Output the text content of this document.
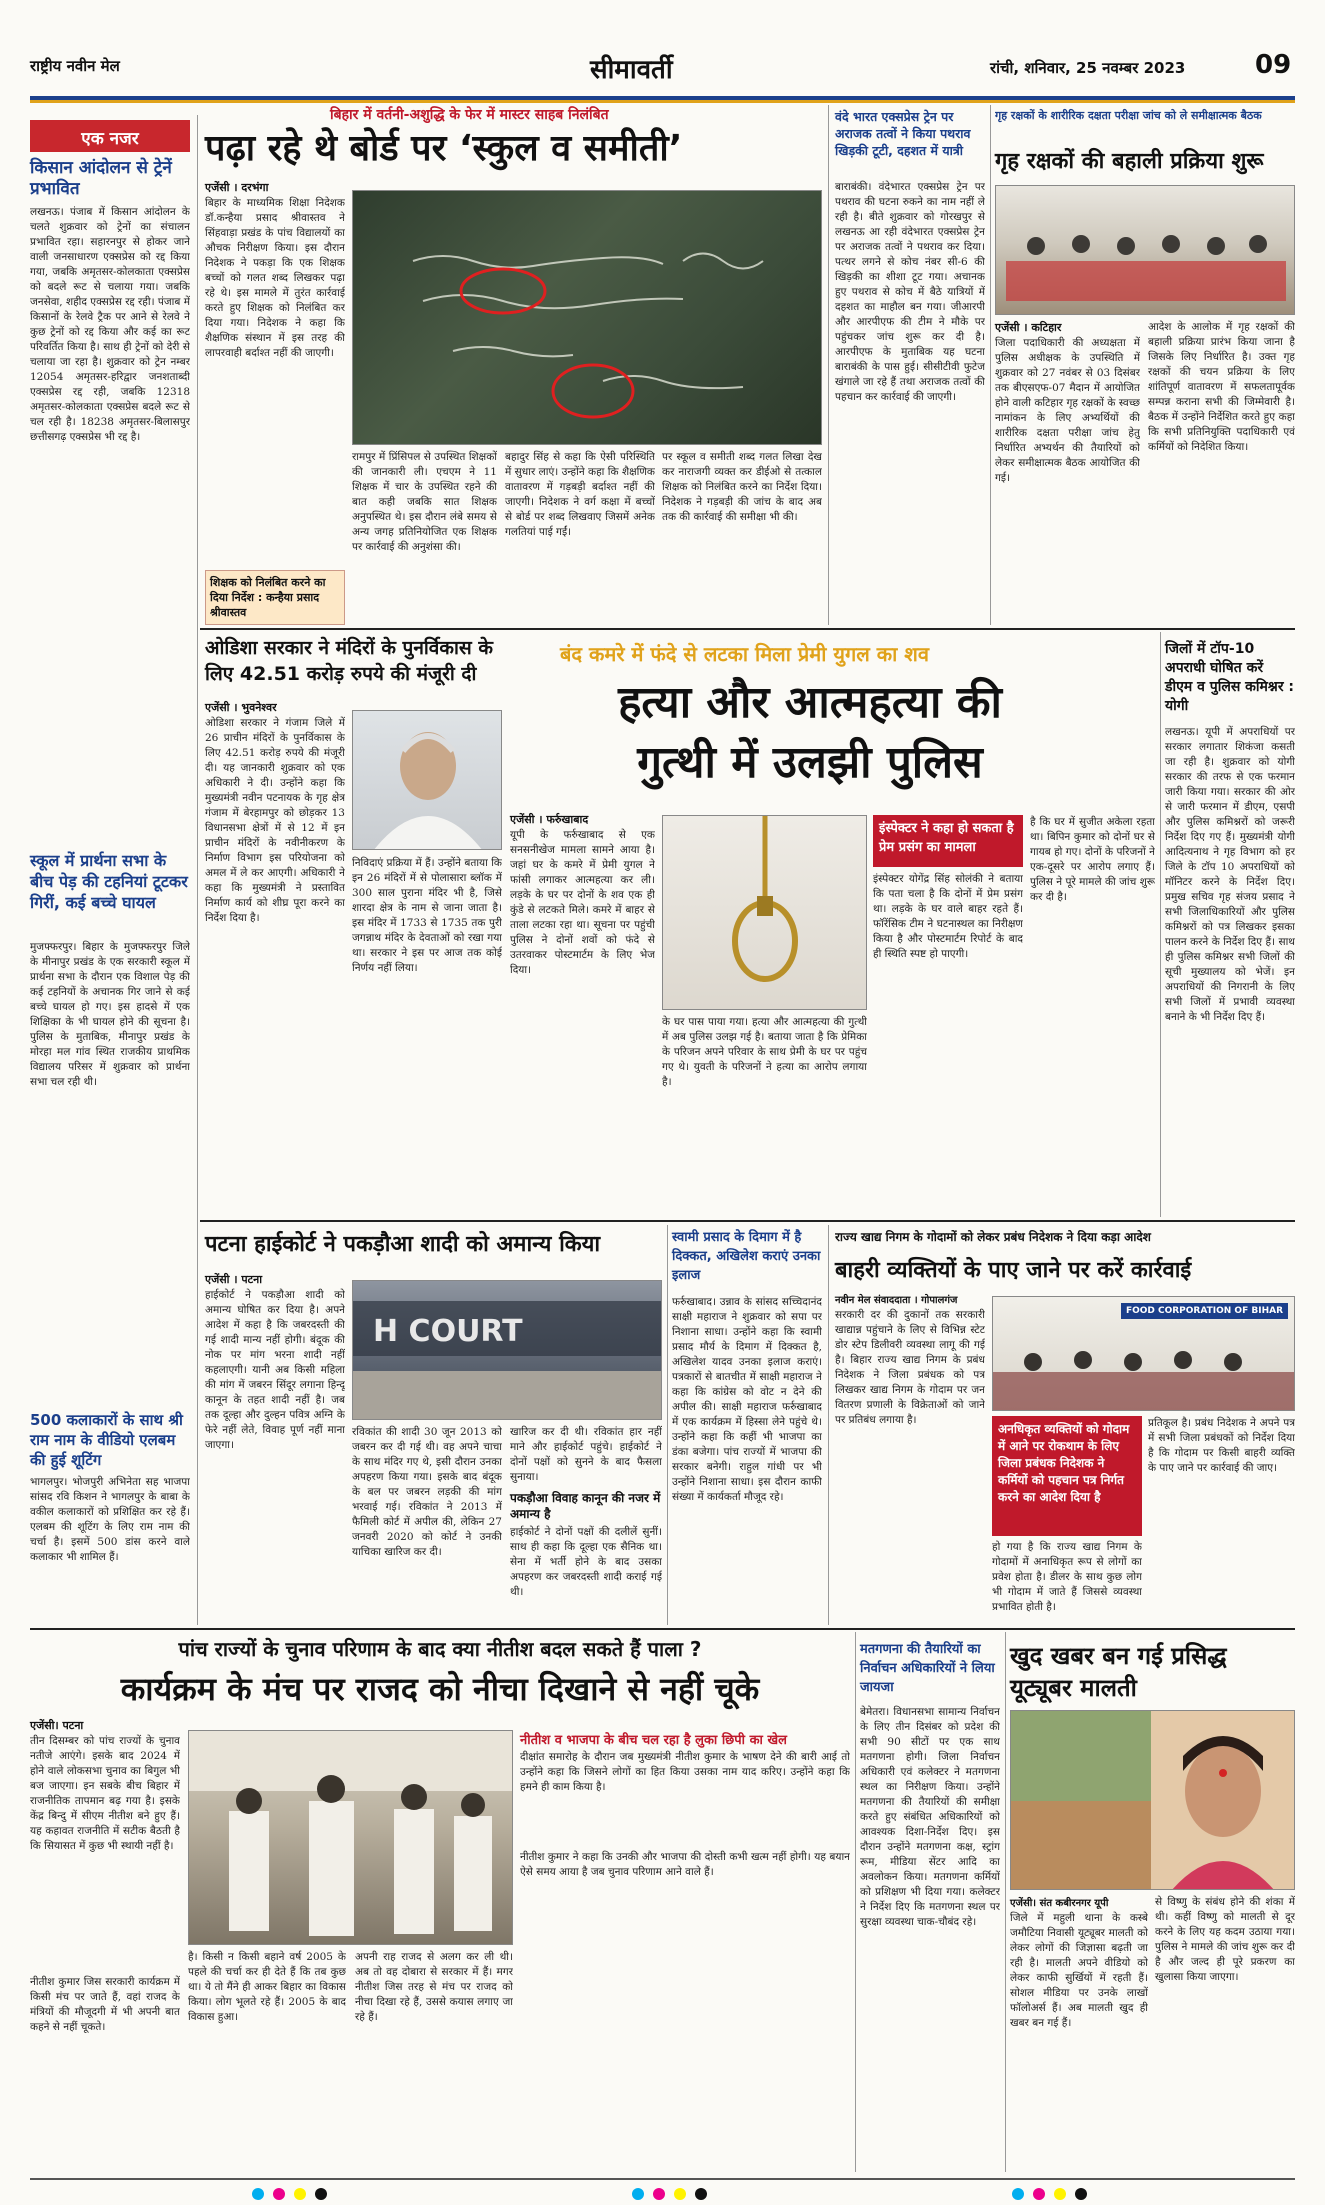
राष्ट्रीय नवीन मेल	सीमावर्ती	रांची, शनिवार, 25 नवम्बर 2023	09
एक नजर
किसान आंदोलन से ट्रेनें प्रभावित
लखनऊ। पंजाब में किसान आंदोलन के चलते शुक्रवार को ट्रेनों का संचालन प्रभावित रहा। सहारनपुर से होकर जाने वाली जनसाधारण एक्सप्रेस को रद्द किया गया, जबकि अमृतसर-कोलकाता एक्सप्रेस को बदले रूट से चलाया गया। जबकि जनसेवा, शहीद एक्सप्रेस रद्द रही। पंजाब में किसानों के रेलवे ट्रैक पर आने से रेलवे ने कुछ ट्रेनों को रद्द किया और कई का रूट परिवर्तित किया है। साथ ही ट्रेनों को देरी से चलाया जा रहा है। शुक्रवार को ट्रेन नम्बर 12054 अमृतसर-हरिद्वार जनशताब्दी एक्सप्रेस रद्द रही, जबकि 12318 अमृतसर-कोलकाता एक्सप्रेस बदले रूट से चल रही है। 18238 अमृतसर-बिलासपुर छत्तीसगढ़ एक्सप्रेस भी रद्द है।
स्कूल में प्रार्थना सभा के बीच पेड़ की टहनियां टूटकर गिरीं, कई बच्चे घायल
मुजफ्फरपुर। बिहार के मुजफ्फरपुर जिले के मीनापुर प्रखंड के एक सरकारी स्कूल में प्रार्थना सभा के दौरान एक विशाल पेड़ की कई टहनियों के अचानक गिर जाने से कई बच्चे घायल हो गए। इस हादसे में एक शिक्षिका के भी घायल होने की सूचना है। पुलिस के मुताबिक, मीनापुर प्रखंड के मोरहा मल गांव स्थित राजकीय प्राथमिक विद्यालय परिसर में शुक्रवार को प्रार्थना सभा चल रही थी।
500 कलाकारों के साथ श्री राम नाम के वीडियो एलबम की हुई शूटिंग
भागलपुर। भोजपुरी अभिनेता सह भाजपा सांसद रवि किशन ने भागलपुर के बाबा के वकील कलाकारों को प्रशिक्षित कर रहे हैं। एलबम की शूटिंग के लिए राम नाम की चर्चा है। इसमें 500 डांस करने वाले कलाकार भी शामिल हैं।
बिहार में वर्तनी-अशुद्धि के फेर में मास्टर साहब निलंबित
पढ़ा रहे थे बोर्ड पर ‘स्कुल व समीती’
एजेंसी । दरभंगा
बिहार के माध्यमिक शिक्षा निदेशक डॉ.कन्हैया प्रसाद श्रीवास्तव ने सिंहवाड़ा प्रखंड के पांच विद्यालयों का औचक निरीक्षण किया। इस दौरान निदेशक ने पकड़ा कि एक शिक्षक बच्चों को गलत शब्द लिखकर पढ़ा रहे थे। इस मामले में तुरंत कार्रवाई करते हुए शिक्षक को निलंबित कर दिया गया। निदेशक ने कहा कि शैक्षणिक संस्थान में इस तरह की लापरवाही बर्दाश्त नहीं की जाएगी।
शिक्षक को निलंबित करने का दिया निर्देश : कन्हैया प्रसाद श्रीवास्तव
रामपुर में प्रिंसिपल से उपस्थित शिक्षकों की जानकारी ली। एचएम ने 11 शिक्षक में चार के उपस्थित रहने की बात कही जबकि सात शिक्षक अनुपस्थित थे। इस दौरान लंबे समय से अन्य जगह प्रतिनियोजित एक शिक्षक पर कार्रवाई की अनुशंसा की।
बहादुर सिंह से कहा कि ऐसी परिस्थिति में सुधार लाएं। उन्होंने कहा कि शैक्षणिक वातावरण में गड़बड़ी बर्दाश्त नहीं की जाएगी। निदेशक ने वर्ग कक्षा में बच्चों से बोर्ड पर शब्द लिखवाए जिसमें अनेक गलतियां पाई गईं।
पर स्कूल व समीती शब्द गलत लिखा देख कर नाराजगी व्यक्त कर डीईओ से तत्काल शिक्षक को निलंबित करने का निर्देश दिया। निदेशक ने गड़बड़ी की जांच के बाद अब तक की कार्रवाई की समीक्षा भी की।
वंदे भारत एक्सप्रेस ट्रेन पर अराजक तत्वों ने किया पथराव खिड़की टूटी, दहशत में यात्री
बाराबंकी। वंदेभारत एक्सप्रेस ट्रेन पर पथराव की घटना रुकने का नाम नहीं ले रही है। बीते शुक्रवार को गोरखपुर से लखनऊ आ रही वंदेभारत एक्सप्रेस ट्रेन पर अराजक तत्वों ने पथराव कर दिया। पत्थर लगने से कोच नंबर सी-6 की खिड़की का शीशा टूट गया। अचानक हुए पथराव से कोच में बैठे यात्रियों में दहशत का माहौल बन गया। जीआरपी और आरपीएफ की टीम ने मौके पर पहुंचकर जांच शुरू कर दी है। आरपीएफ के मुताबिक यह घटना बाराबंकी के पास हुई। सीसीटीवी फुटेज खंगाले जा रहे हैं तथा अराजक तत्वों की पहचान कर कार्रवाई की जाएगी।
गृह रक्षकों के शारीरिक दक्षता परीक्षा जांच को ले समीक्षात्मक बैठक
गृह रक्षकों की बहाली प्रक्रिया शुरू
एजेंसी । कटिहार
जिला पदाधिकारी की अध्यक्षता में पुलिस अधीक्षक के उपस्थिति में शुक्रवार को 27 नवंबर से 03 दिसंबर तक बीएसएफ-07 मैदान में आयोजित होने वाली कटिहार गृह रक्षकों के स्वच्छ नामांकन के लिए अभ्यर्थियों की शारीरिक दक्षता परीक्षा जांच हेतु निर्धारित अभ्यर्थन की तैयारियों को लेकर समीक्षात्मक बैठक आयोजित की गई।
आदेश के आलोक में गृह रक्षकों की बहाली प्रक्रिया प्रारंभ किया जाना है जिसके लिए निर्धारित है। उक्त गृह रक्षकों की चयन प्रक्रिया के लिए शांतिपूर्ण वातावरण में सफलतापूर्वक सम्पन्न कराना सभी की जिम्मेवारी है। बैठक में उन्होंने निर्देशित करते हुए कहा कि सभी प्रतिनियुक्ति पदाधिकारी एवं कर्मियों को निदेशित किया।
ओडिशा सरकार ने मंदिरों के पुनर्विकास के लिए 42.51 करोड़ रुपये की मंजूरी दी
एजेंसी । भुवनेश्वर
ओडिशा सरकार ने गंजाम जिले में 26 प्राचीन मंदिरों के पुनर्विकास के लिए 42.51 करोड़ रुपये की मंजूरी दी। यह जानकारी शुक्रवार को एक अधिकारी ने दी। उन्होंने कहा कि मुख्यमंत्री नवीन पटनायक के गृह क्षेत्र गंजाम में बेरहामपुर को छोड़कर 13 विधानसभा क्षेत्रों में से 12 में इन प्राचीन मंदिरों के नवीनीकरण के निर्माण विभाग इस परियोजना को अमल में ले कर आएगी। अधिकारी ने कहा कि मुख्यमंत्री ने प्रस्तावित निर्माण कार्य को शीघ्र पूरा करने का निर्देश दिया है।
निविदाएं प्रक्रिया में हैं। उन्होंने बताया कि इन 26 मंदिरों में से पोलासारा ब्लॉक में 300 साल पुराना मंदिर भी है, जिसे शारदा क्षेत्र के नाम से जाना जाता है। इस मंदिर में 1733 से 1735 तक पुरी जगन्नाथ मंदिर के देवताओं को रखा गया था। सरकार ने इस पर आज तक कोई निर्णय नहीं लिया।
बंद कमरे में फंदे से लटका मिला प्रेमी युगल का शव
हत्या और आत्महत्या की
गुत्थी में उलझी पुलिस
एजेंसी । फर्रुखाबाद
यूपी के फर्रुखाबाद से एक सनसनीखेज मामला सामने आया है। जहां घर के कमरे में प्रेमी युगल ने फांसी लगाकर आत्महत्या कर ली। लड़के के घर पर दोनों के शव एक ही कुंडे से लटकते मिले। कमरे में बाहर से ताला लटका रहा था। सूचना पर पहुंची पुलिस ने दोनों शवों को फंदे से उतरवाकर पोस्टमार्टम के लिए भेज दिया।
के घर पास पाया गया। हत्या और आत्महत्या की गुत्थी में अब पुलिस उलझ गई है। बताया जाता है कि प्रेमिका के परिजन अपने परिवार के साथ प्रेमी के घर पर पहुंच गए थे। युवती के परिजनों ने हत्या का आरोप लगाया है।
इंस्पेक्टर ने कहा हो सकता है प्रेम प्रसंग का मामला
इंस्पेक्टर योगेंद्र सिंह सोलंकी ने बताया कि पता चला है कि दोनों में प्रेम प्रसंग था। लड़के के घर वाले बाहर रहते हैं। फॉरेंसिक टीम ने घटनास्थल का निरीक्षण किया है और पोस्टमार्टम रिपोर्ट के बाद ही स्थिति स्पष्ट हो पाएगी।
है कि घर में सुजीत अकेला रहता था। बिपिन कुमार को दोनों घर से गायब हो गए। दोनों के परिजनों ने एक-दूसरे पर आरोप लगाए हैं। पुलिस ने पूरे मामले की जांच शुरू कर दी है।
जिलों में टॉप-10 अपराधी घोषित करें डीएम व पुलिस कमिश्नर : योगी
लखनऊ। यूपी में अपराधियों पर सरकार लगातार शिकंजा कसती जा रही है। शुक्रवार को योगी सरकार की तरफ से एक फरमान जारी किया गया। सरकार की ओर से जारी फरमान में डीएम, एसपी और पुलिस कमिश्नरों को जरूरी निर्देश दिए गए हैं। मुख्यमंत्री योगी आदित्यनाथ ने गृह विभाग को हर जिले के टॉप 10 अपराधियों को मॉनिटर करने के निर्देश दिए। प्रमुख सचिव गृह संजय प्रसाद ने सभी जिलाधिकारियों और पुलिस कमिश्नरों को पत्र लिखकर इसका पालन करने के निर्देश दिए हैं। साथ ही पुलिस कमिश्नर सभी जिलों की सूची मुख्यालय को भेजें। इन अपराधियों की निगरानी के लिए सभी जिलों में प्रभावी व्यवस्था बनाने के भी निर्देश दिए हैं।
पटना हाईकोर्ट ने पकड़ौआ शादी को अमान्य किया
एजेंसी । पटना
हाईकोर्ट ने पकड़ौआ शादी को अमान्य घोषित कर दिया है। अपने आदेश में कहा है कि जबरदस्ती की गई शादी मान्य नहीं होगी। बंदूक की नोक पर मांग भरना शादी नहीं कहलाएगी। यानी अब किसी महिला की मांग में जबरन सिंदूर लगाना हिन्दू कानून के तहत शादी नहीं है। जब तक दूल्हा और दुल्हन पवित्र अग्नि के फेरे नहीं लेते, विवाह पूर्ण नहीं माना जाएगा।
H COURT
रविकांत की शादी 30 जून 2013 को जबरन कर दी गई थी। वह अपने चाचा के साथ मंदिर गए थे, इसी दौरान उनका अपहरण किया गया। इसके बाद बंदूक के बल पर जबरन लड़की की मांग भरवाई गई। रविकांत ने 2013 में फैमिली कोर्ट में अपील की, लेकिन 27 जनवरी 2020 को कोर्ट ने उनकी याचिका खारिज कर दी।
खारिज कर दी थी। रविकांत हार नहीं माने और हाईकोर्ट पहुंचे। हाईकोर्ट ने दोनों पक्षों को सुनने के बाद फैसला सुनाया।
पकड़ौआ विवाह कानून की नजर में अमान्य है
हाईकोर्ट ने दोनों पक्षों की दलीलें सुनीं। साथ ही कहा कि दूल्हा एक सैनिक था। सेना में भर्ती होने के बाद उसका अपहरण कर जबरदस्ती शादी कराई गई थी।
स्वामी प्रसाद के दिमाग में है दिक्कत, अखिलेश कराएं उनका इलाज
फर्रुखाबाद। उन्नाव के सांसद सच्चिदानंद साक्षी महाराज ने शुक्रवार को सपा पर निशाना साधा। उन्होंने कहा कि स्वामी प्रसाद मौर्य के दिमाग में दिक्कत है, अखिलेश यादव उनका इलाज कराएं। पत्रकारों से बातचीत में साक्षी महाराज ने कहा कि कांग्रेस को वोट न देने की अपील की। साक्षी महाराज फर्रुखाबाद में एक कार्यक्रम में हिस्सा लेने पहुंचे थे। उन्होंने कहा कि कहीं भी भाजपा का डंका बजेगा। पांच राज्यों में भाजपा की सरकार बनेगी। राहुल गांधी पर भी उन्होंने निशाना साधा। इस दौरान काफी संख्या में कार्यकर्ता मौजूद रहे।
राज्य खाद्य निगम के गोदामों को लेकर प्रबंध निदेशक ने दिया कड़ा आदेश
बाहरी व्यक्तियों के पाए जाने पर करें कार्रवाई
नवीन मेल संवाददाता । गोपालगंज
सरकारी दर की दुकानों तक सरकारी खाद्यान्न पहुंचाने के लिए से विभिन्न स्टेट डोर स्टेप डिलीवरी व्यवस्था लागू की गई है। बिहार राज्य खाद्य निगम के प्रबंध निदेशक ने जिला प्रबंधक को पत्र लिखकर खाद्य निगम के गोदाम पर जन वितरण प्रणाली के विक्रेताओं को जाने पर प्रतिबंध लगाया है।
FOOD CORPORATION OF BIHAR
अनधिकृत व्यक्तियों को गोदाम में आने पर रोकथाम के लिए जिला प्रबंधक निदेशक ने कर्मियों को पहचान पत्र निर्गत करने का आदेश दिया है
प्रतिकूल है। प्रबंध निदेशक ने अपने पत्र में सभी जिला प्रबंधकों को निर्देश दिया है कि गोदाम पर किसी बाहरी व्यक्ति के पाए जाने पर कार्रवाई की जाए।
हो गया है कि राज्य खाद्य निगम के गोदामों में अनाधिकृत रूप से लोगों का प्रवेश होता है। डीलर के साथ कुछ लोग भी गोदाम में जाते हैं जिससे व्यवस्था प्रभावित होती है।
पांच राज्यों के चुनाव परिणाम के बाद क्या नीतीश बदल सकते हैं पाला ?
कार्यक्रम के मंच पर राजद को नीचा दिखाने से नहीं चूके
एजेंसी। पटना
तीन दिसम्बर को पांच राज्यों के चुनाव नतीजे आएंगे। इसके बाद 2024 में होने वाले लोकसभा चुनाव का बिगुल भी बज जाएगा। इन सबके बीच बिहार में राजनीतिक तापमान बढ़ गया है। इसके केंद्र बिन्दु में सीएम नीतीश बने हुए हैं। यह कहावत राजनीति में सटीक बैठती है कि सियासत में कुछ भी स्थायी नहीं है।
नीतीश कुमार जिस सरकारी कार्यक्रम में किसी मंच पर जाते हैं, वहां राजद के मंत्रियों की मौजूदगी में भी अपनी बात कहने से नहीं चूकते।
है। किसी न किसी बहाने वर्ष 2005 के पहले की चर्चा कर ही देते हैं कि तब कुछ था। ये तो मैंने ही आकर बिहार का विकास किया। लोग भूलते रहे हैं। 2005 के बाद विकास हुआ।
अपनी राह राजद से अलग कर ली थी। अब तो वह दोबारा से सरकार में हैं। मगर नीतीश जिस तरह से मंच पर राजद को नीचा दिखा रहे हैं, उससे कयास लगाए जा रहे हैं।
नीतीश व भाजपा के बीच चल रहा है लुका छिपी का खेल
दीक्षांत समारोह के दौरान जब मुख्यमंत्री नीतीश कुमार के भाषण देने की बारी आई तो उन्होंने कहा कि जिसने लोगों का हित किया उसका नाम याद करिए। उन्होंने कहा कि हमने ही काम किया है।
नीतीश कुमार ने कहा कि उनकी और भाजपा की दोस्ती कभी खत्म नहीं होगी। यह बयान ऐसे समय आया है जब चुनाव परिणाम आने वाले हैं।
मतगणना की तैयारियों का निर्वाचन अधिकारियों ने लिया जायजा
बेमेतरा। विधानसभा सामान्य निर्वाचन के लिए तीन दिसंबर को प्रदेश की सभी 90 सीटों पर एक साथ मतगणना होगी। जिला निर्वाचन अधिकारी एवं कलेक्टर ने मतगणना स्थल का निरीक्षण किया। उन्होंने मतगणना की तैयारियों की समीक्षा करते हुए संबंधित अधिकारियों को आवश्यक दिशा-निर्देश दिए। इस दौरान उन्होंने मतगणना कक्ष, स्ट्रांग रूम, मीडिया सेंटर आदि का अवलोकन किया। मतगणना कर्मियों को प्रशिक्षण भी दिया गया। कलेक्टर ने निर्देश दिए कि मतगणना स्थल पर सुरक्षा व्यवस्था चाक-चौबंद रहे।
खुद खबर बन गई प्रसिद्ध यूट्यूबर मालती
एजेंसी। संत कबीरनगर यूपी
जिले में महुली थाना के कस्बे जमौटिया निवासी यूट्यूबर मालती को लेकर लोगों की जिज्ञासा बढ़ती जा रही है। मालती अपने वीडियो को लेकर काफी सुर्खियों में रहती हैं। सोशल मीडिया पर उनके लाखों फॉलोअर्स हैं। अब मालती खुद ही खबर बन गई हैं।
से विष्णु के संबंध होने की शंका में थी। कहीं विष्णु को मालती से दूर करने के लिए यह कदम उठाया गया। पुलिस ने मामले की जांच शुरू कर दी है और जल्द ही पूरे प्रकरण का खुलासा किया जाएगा।
